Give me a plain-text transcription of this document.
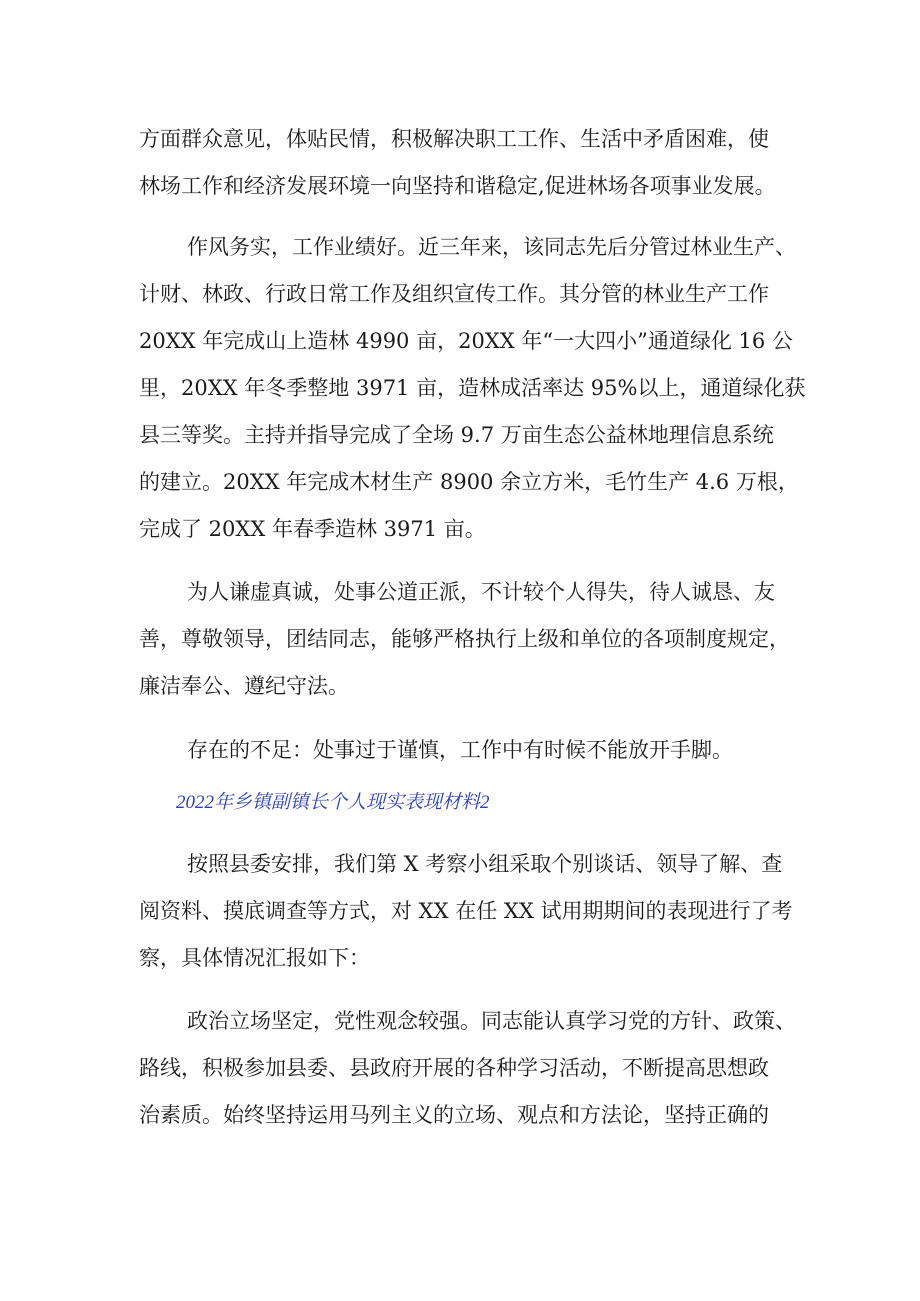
方面群众意见，体贴民情，积极解决职工工作、生活中矛盾困难，使
林场工作和经济发展环境一向坚持和谐稳定,促进林场各项事业发展。
作风务实，工作业绩好。近三年来，该同志先后分管过林业生产、
计财、林政、行政日常工作及组织宣传工作。其分管的林业生产工作
20XX 年完成山上造林 4990 亩，20XX 年“一大四小”通道绿化 16 公
里，20XX 年冬季整地 3971 亩，造林成活率达 95%以上，通道绿化获
县三等奖。主持并指导完成了全场 9.7 万亩生态公益林地理信息系统
的建立。20XX 年完成木材生产 8900 余立方米，毛竹生产 4.6 万根，
完成了 20XX 年春季造林 3971 亩。
为人谦虚真诚，处事公道正派，不计较个人得失，待人诚恳、友
善，尊敬领导，团结同志，能够严格执行上级和单位的各项制度规定，
廉洁奉公、遵纪守法。
存在的不足：处事过于谨慎，工作中有时候不能放开手脚。
2022年乡镇副镇长个人现实表现材料2
按照县委安排，我们第 X 考察小组采取个别谈话、领导了解、查
阅资料、摸底调查等方式，对 XX 在任 XX 试用期期间的表现进行了考
察，具体情况汇报如下：
政治立场坚定，党性观念较强。同志能认真学习党的方针、政策、
路线，积极参加县委、县政府开展的各种学习活动，不断提高思想政
治素质。始终坚持运用马列主义的立场、观点和方法论，坚持正确的
